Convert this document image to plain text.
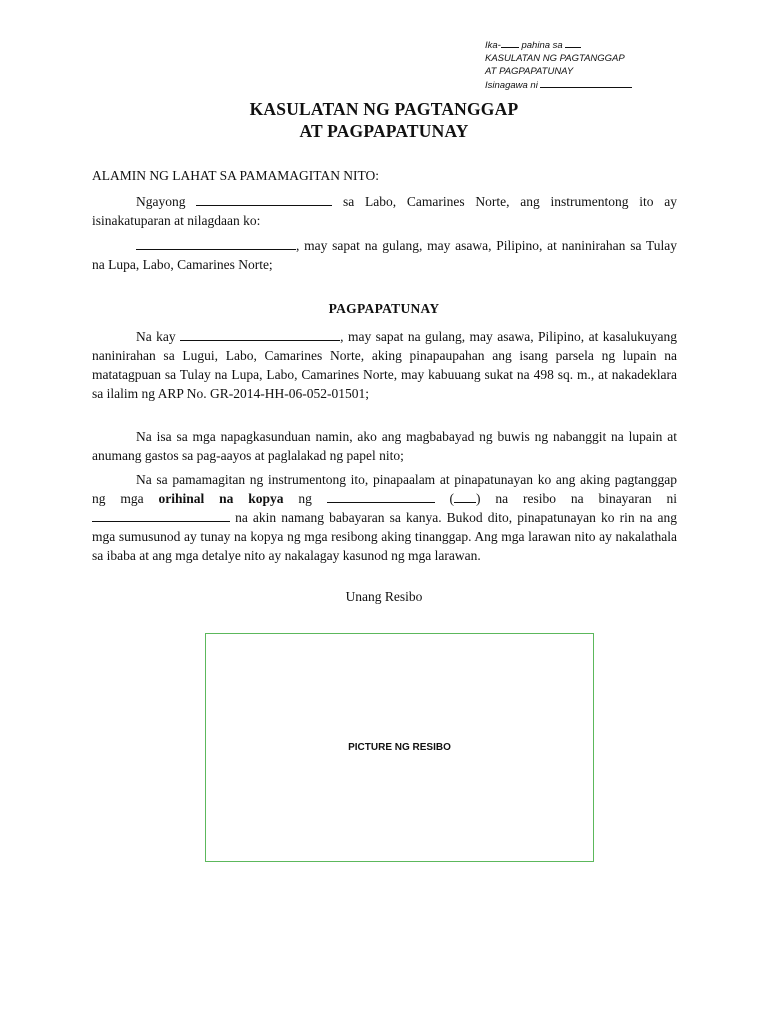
Ika- pahina sa
KASULATAN NG PAGTANGGAP
AT PAGPAPATUNAY
Isinagawa ni
KASULATAN NG PAGTANGGAP
AT PAGPAPATUNAY
ALAMIN NG LAHAT SA PAMAMAGITAN NITO:
Ngayong	sa Labo, Camarines Norte, ang instrumentong ito ay isinakatuparan at nilagdaan ko:
, may sapat na gulang, may asawa, Pilipino, at naninirahan sa Tulay na Lupa, Labo, Camarines Norte;
PAGPAPATUNAY
Na kay	, may sapat na gulang, may asawa, Pilipino, at kasalukuyang naninirahan sa Lugui, Labo, Camarines Norte, aking pinapaupahan ang isang parsela ng lupain na matatagpuan sa Tulay na Lupa, Labo, Camarines Norte, may kabuuang sukat na 498 sq. m., at nakadeklara sa ilalim ng ARP No. GR-2014-HH-06-052-01501;
Na isa sa mga napagkasunduan namin, ako ang magbabayad ng buwis ng nabanggit na lupain at anumang gastos sa pag-aayos at paglalakad ng papel nito;
Na sa pamamagitan ng instrumentong ito, pinapaalam at pinapatunayan ko ang aking pagtanggap ng mga orihinal na kopya ng	( ) na resibo na binayaran ni  na akin namang babayaran sa kanya. Bukod dito, pinapatunayan ko rin na ang mga sumusunod ay tunay na kopya ng mga resibong aking tinanggap. Ang mga larawan nito ay nakalathala sa ibaba at ang mga detalye nito ay nakalagay kasunod ng mga larawan.
Unang Resibo
PICTURE NG RESIBO
